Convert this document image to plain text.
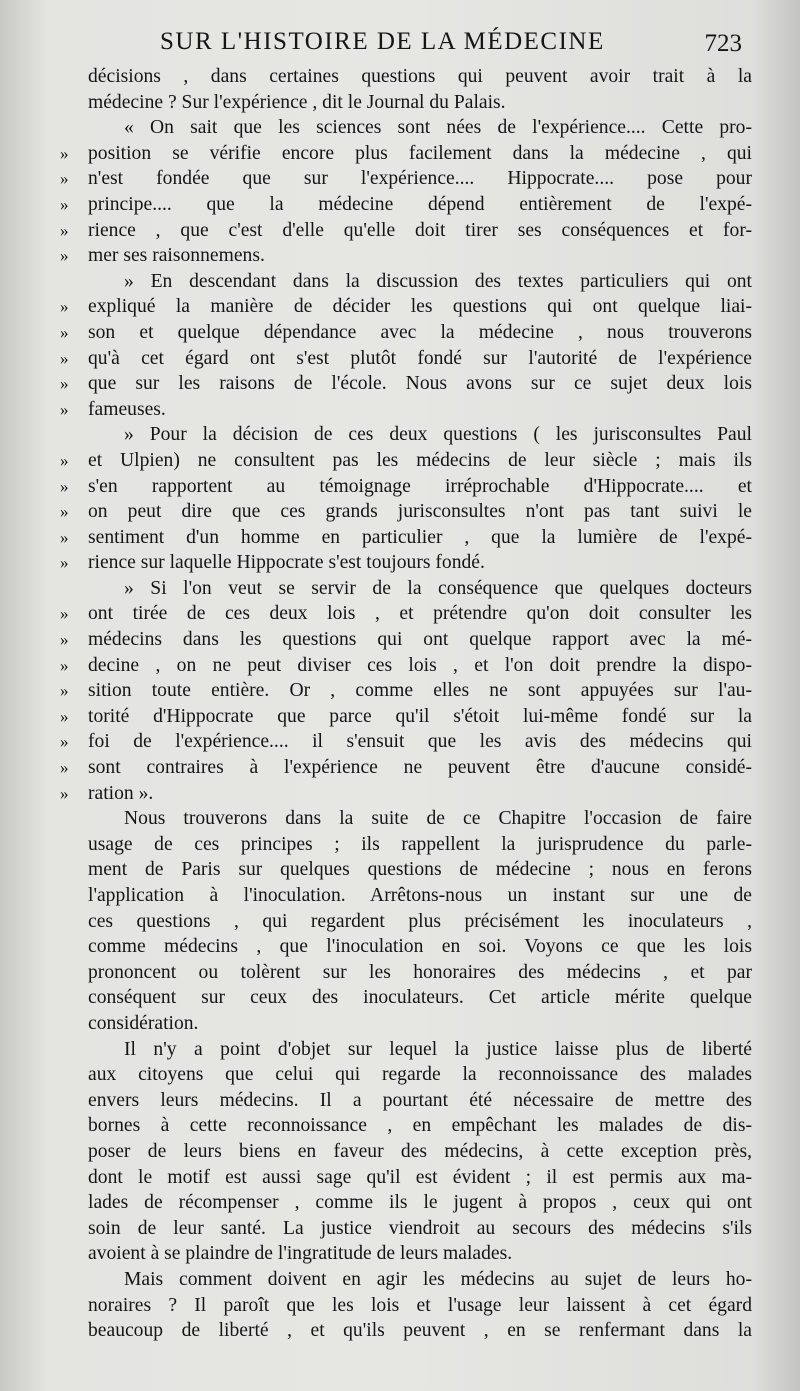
SUR L'HISTOIRE DE LA MÉDECINE	723
décisions , dans certaines questions qui peuvent avoir trait à la
médecine ? Sur l'expérience , dit le Journal du Palais.
« On sait que les sciences sont nées de l'expérience.... Cette pro-
» position se vérifie encore plus facilement dans la médecine , qui
» n'est fondée que sur l'expérience.... Hippocrate.... pose pour
» principe.... que la médecine dépend entièrement de l'expé-
» rience , que c'est d'elle qu'elle doit tirer ses conséquences et for-
» mer ses raisonnemens.
» En descendant dans la discussion des textes particuliers qui ont
» expliqué la manière de décider les questions qui ont quelque liai-
» son et quelque dépendance avec la médecine , nous trouverons
» qu'à cet égard ont s'est plutôt fondé sur l'autorité de l'expérience
» que sur les raisons de l'école. Nous avons sur ce sujet deux lois
» fameuses.
» Pour la décision de ces deux questions ( les jurisconsultes Paul
» et Ulpien) ne consultent pas les médecins de leur siècle ; mais ils
» s'en rapportent au témoignage irréprochable d'Hippocrate.... et
» on peut dire que ces grands jurisconsultes n'ont pas tant suivi le
» sentiment d'un homme en particulier , que la lumière de l'expé-
» rience sur laquelle Hippocrate s'est toujours fondé.
» Si l'on veut se servir de la conséquence que quelques docteurs
» ont tirée de ces deux lois , et prétendre qu'on doit consulter les
» médecins dans les questions qui ont quelque rapport avec la mé-
» decine , on ne peut diviser ces lois , et l'on doit prendre la dispo-
» sition toute entière. Or , comme elles ne sont appuyées sur l'au-
» torité d'Hippocrate que parce qu'il s'étoit lui-même fondé sur la
» foi de l'expérience.... il s'ensuit que les avis des médecins qui
» sont contraires à l'expérience ne peuvent être d'aucune considé-
» ration ».
Nous trouverons dans la suite de ce Chapitre l'occasion de faire
usage de ces principes ; ils rappellent la jurisprudence du parle-
ment de Paris sur quelques questions de médecine ; nous en ferons
l'application à l'inoculation. Arrêtons-nous un instant sur une de
ces questions , qui regardent plus précisément les inoculateurs ,
comme médecins , que l'inoculation en soi. Voyons ce que les lois
prononcent ou tolèrent sur les honoraires des médecins , et par
conséquent sur ceux des inoculateurs. Cet article mérite quelque
considération.
Il n'y a point d'objet sur lequel la justice laisse plus de liberté
aux citoyens que celui qui regarde la reconnoissance des malades
envers leurs médecins. Il a pourtant été nécessaire de mettre des
bornes à cette reconnoissance , en empêchant les malades de dis-
poser de leurs biens en faveur des médecins, à cette exception près,
dont le motif est aussi sage qu'il est évident ; il est permis aux ma-
lades de récompenser , comme ils le jugent à propos , ceux qui ont
soin de leur santé. La justice viendroit au secours des médecins s'ils
avoient à se plaindre de l'ingratitude de leurs malades.
Mais comment doivent en agir les médecins au sujet de leurs ho-
noraires ? Il paroît que les lois et l'usage leur laissent à cet égard
beaucoup de liberté , et qu'ils peuvent , en se renfermant dans la
